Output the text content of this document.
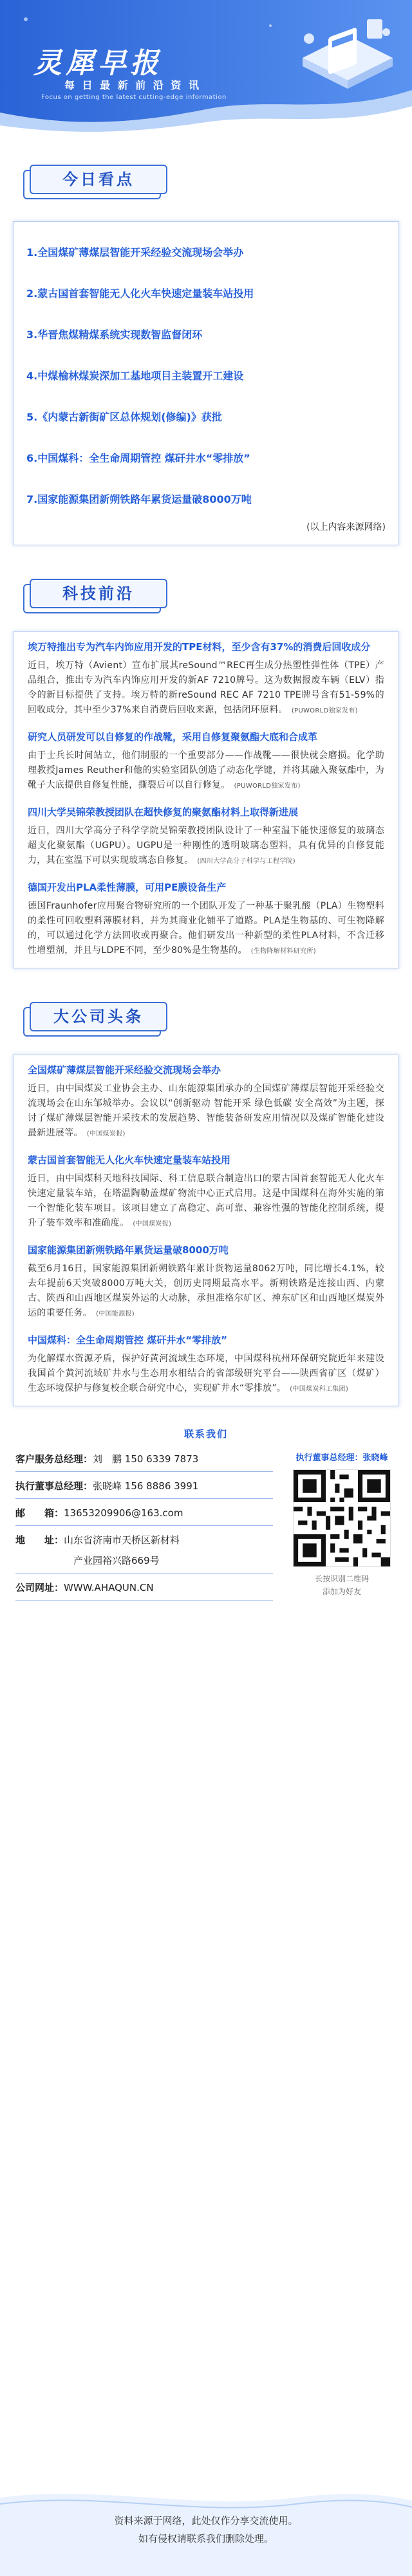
灵犀早报
每 日 最 新 前 沿 资 讯
Focus on getting the latest cutting-edge information
今日看点
1.全国煤矿薄煤层智能开采经验交流现场会举办
2.蒙古国首套智能无人化火车快速定量装车站投用
3.华晋焦煤精煤系统实现数智监督闭环
4.中煤榆林煤炭深加工基地项目主装置开工建设
5.《内蒙古新街矿区总体规划(修编)》获批
6.中国煤科：全生命周期管控 煤矸井水“零排放”
7.国家能源集团新朔铁路年累货运量破8000万吨
(以上内容来源网络)
科技前沿
埃万特推出专为汽车内饰应用开发的TPE材料，至少含有37%的消费后回收成分
近日，埃万特（Avient）宣布扩展其reSound™REC再生成分热塑性弹性体（TPE）产品组合，推出专为汽车内饰应用开发的新AF 7210牌号。这为数据报废车辆（ELV）指令的新目标提供了支持。埃万特的新reSound REC AF 7210 TPE牌号含有51-59%的回收成分，其中至少37%来自消费后回收来源，包括闭环原料。 (PUWORLD独家发布)
研究人员研发可以自修复的作战靴，采用自修复聚氨酯大底和合成革
由于士兵长时间站立，他们制服的一个重要部分——作战靴——很快就会磨损。化学助理教授James Reuther和他的实验室团队创造了动态化学键，并将其融入聚氨酯中，为靴子大底提供自修复性能，撕裂后可以自行修复。 (PUWORLD独家发布)
四川大学吴锦荣教授团队在超快修复的聚氨酯材料上取得新进展
近日，四川大学高分子科学学院吴锦荣教授团队设计了一种室温下能快速修复的玻璃态超支化聚氨酯（UGPU）。UGPU是一种刚性的透明玻璃态塑料，具有优异的自修复能力，其在室温下可以实现玻璃态自修复。 (四川大学高分子科学与工程学院)
德国开发出PLA柔性薄膜，可用PE膜设备生产
德国Fraunhofer应用聚合物研究所的一个团队开发了一种基于聚乳酸（PLA）生物塑料的柔性可回收塑料薄膜材料，并为其商业化铺平了道路。PLA是生物基的、可生物降解的，可以通过化学方法回收或再聚合。他们研发出一种新型的柔性PLA材料，不含迁移性增塑剂，并且与LDPE不同，至少80%是生物基的。 (生物降解材料研究所)
大公司头条
全国煤矿薄煤层智能开采经验交流现场会举办
近日，由中国煤炭工业协会主办、山东能源集团承办的全国煤矿薄煤层智能开采经验交流现场会在山东邹城举办。会议以“创新驱动 智能开采 绿色低碳 安全高效”为主题，探讨了煤矿薄煤层智能开采技术的发展趋势、智能装备研发应用情况以及煤矿智能化建设最新进展等。 (中国煤炭报)
蒙古国首套智能无人化火车快速定量装车站投用
近日，由中国煤科天地科技国际、科工信息联合制造出口的蒙古国首套智能无人化火车快速定量装车站，在塔温陶勒盖煤矿物流中心正式启用。这是中国煤科在海外实施的第一个智能化装车项目。该项目建立了高稳定、高可靠、兼容性强的智能化控制系统，提升了装车效率和准确度。 (中国煤炭报)
国家能源集团新朔铁路年累货运量破8000万吨
截至6月16日，国家能源集团新朔铁路年累计货物运量8062万吨，同比增长4.1%，较去年提前6天突破8000万吨大关，创历史同期最高水平。新朔铁路是连接山西、内蒙古、陕西和山西地区煤炭外运的大动脉，承担准格尔矿区、神东矿区和山西地区煤炭外运的重要任务。 (中国能源报)
中国煤科：全生命周期管控 煤矸井水“零排放”
为化解煤水资源矛盾，保护好黄河流域生态环境，中国煤科杭州环保研究院近年来建设我国首个黄河流域矿井水与生态用水相结合的省部级研究平台——陕西省矿区（煤矿）生态环境保护与修复校企联合研究中心，实现矿井水“零排放”。 (中国煤炭科工集团)
联系我们
客户服务总经理：刘　鹏 150 6339 7873
执行董事总经理：张晓峰 156 8886 3991
邮　　箱：13653209906@163.com
地　　址：山东省济南市天桥区新材料
产业园裕兴路669号
公司网址：WWW.AHAQUN.CN
执行董事总经理：张晓峰
长按识别二维码
添加为好友
资料来源于网络，此处仅作分享交流使用。
如有侵权请联系我们删除处理。
